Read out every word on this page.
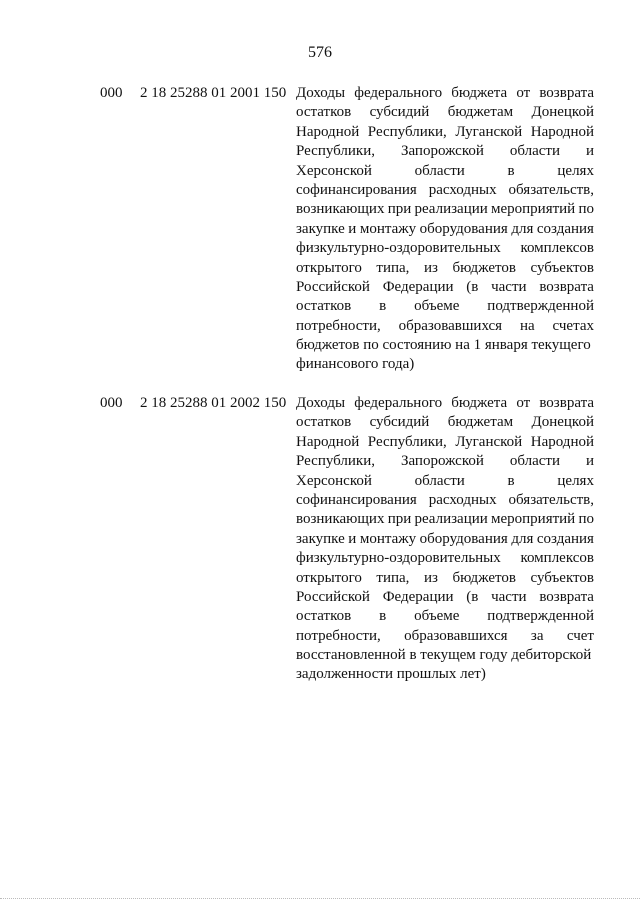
576
000 2 18 25288 01 2001 150 Доходы федерального бюджета от возврата
остатков субсидий бюджетам Донецкой
Народной Республики, Луганской Народной
Республики, Запорожской области и
Херсонской	области	в	целях
софинансирования расходных обязательств,
возникающих при реализации мероприятий по
закупке и монтажу оборудования для создания
физкультурно-оздоровительных комплексов
открытого типа, из бюджетов субъектов
Российской Федерации (в части возврата
остатков в объеме подтвержденной
потребности, образовавшихся на счетах
бюджетов по состоянию на 1 января текущего
финансового года)
000 2 18 25288 01 2002 150 Доходы федерального бюджета от возврата
остатков субсидий бюджетам Донецкой
Народной Республики, Луганской Народной
Республики, Запорожской области и
Херсонской	области	в	целях
софинансирования расходных обязательств,
возникающих при реализации мероприятий по
закупке и монтажу оборудования для создания
физкультурно-оздоровительных комплексов
открытого типа, из бюджетов субъектов
Российской Федерации (в части возврата
остатков в объеме подтвержденной
потребности, образовавшихся за счет
восстановленной в текущем году дебиторской
задолженности прошлых лет)
